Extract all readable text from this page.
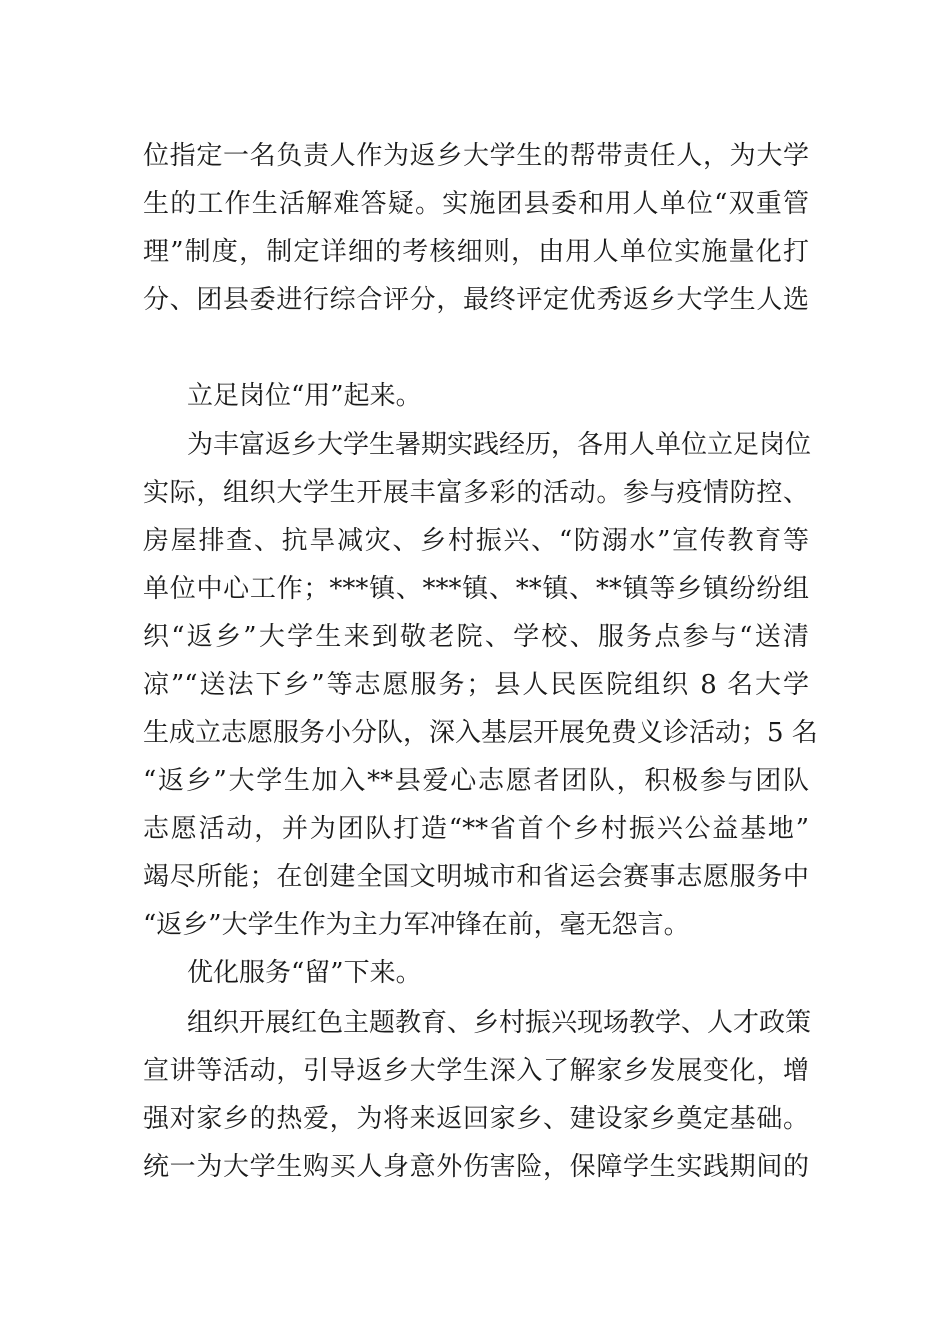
位指定一名负责人作为返乡大学生的帮带责任人，为大学
生的工作生活解难答疑。实施团县委和用人单位“双重管
理”制度，制定详细的考核细则，由用人单位实施量化打
分、团县委进行综合评分，最终评定优秀返乡大学生人选
立足岗位“用”起来。
为丰富返乡大学生暑期实践经历，各用人单位立足岗位
实际，组织大学生开展丰富多彩的活动。参与疫情防控、
房屋排查、抗旱减灾、乡村振兴、“防溺水”宣传教育等
单位中心工作；***镇、***镇、**镇、**镇等乡镇纷纷组
织“返乡”大学生来到敬老院、学校、服务点参与“送清
凉”“送法下乡”等志愿服务；县人民医院组织 8 名大学
生成立志愿服务小分队，深入基层开展免费义诊活动；5 名
“返乡”大学生加入**县爱心志愿者团队，积极参与团队
志愿活动，并为团队打造“**省首个乡村振兴公益基地”
竭尽所能；在创建全国文明城市和省运会赛事志愿服务中
“返乡”大学生作为主力军冲锋在前，毫无怨言。
优化服务“留”下来。
组织开展红色主题教育、乡村振兴现场教学、人才政策
宣讲等活动，引导返乡大学生深入了解家乡发展变化，增
强对家乡的热爱，为将来返回家乡、建设家乡奠定基础。
统一为大学生购买人身意外伤害险，保障学生实践期间的
